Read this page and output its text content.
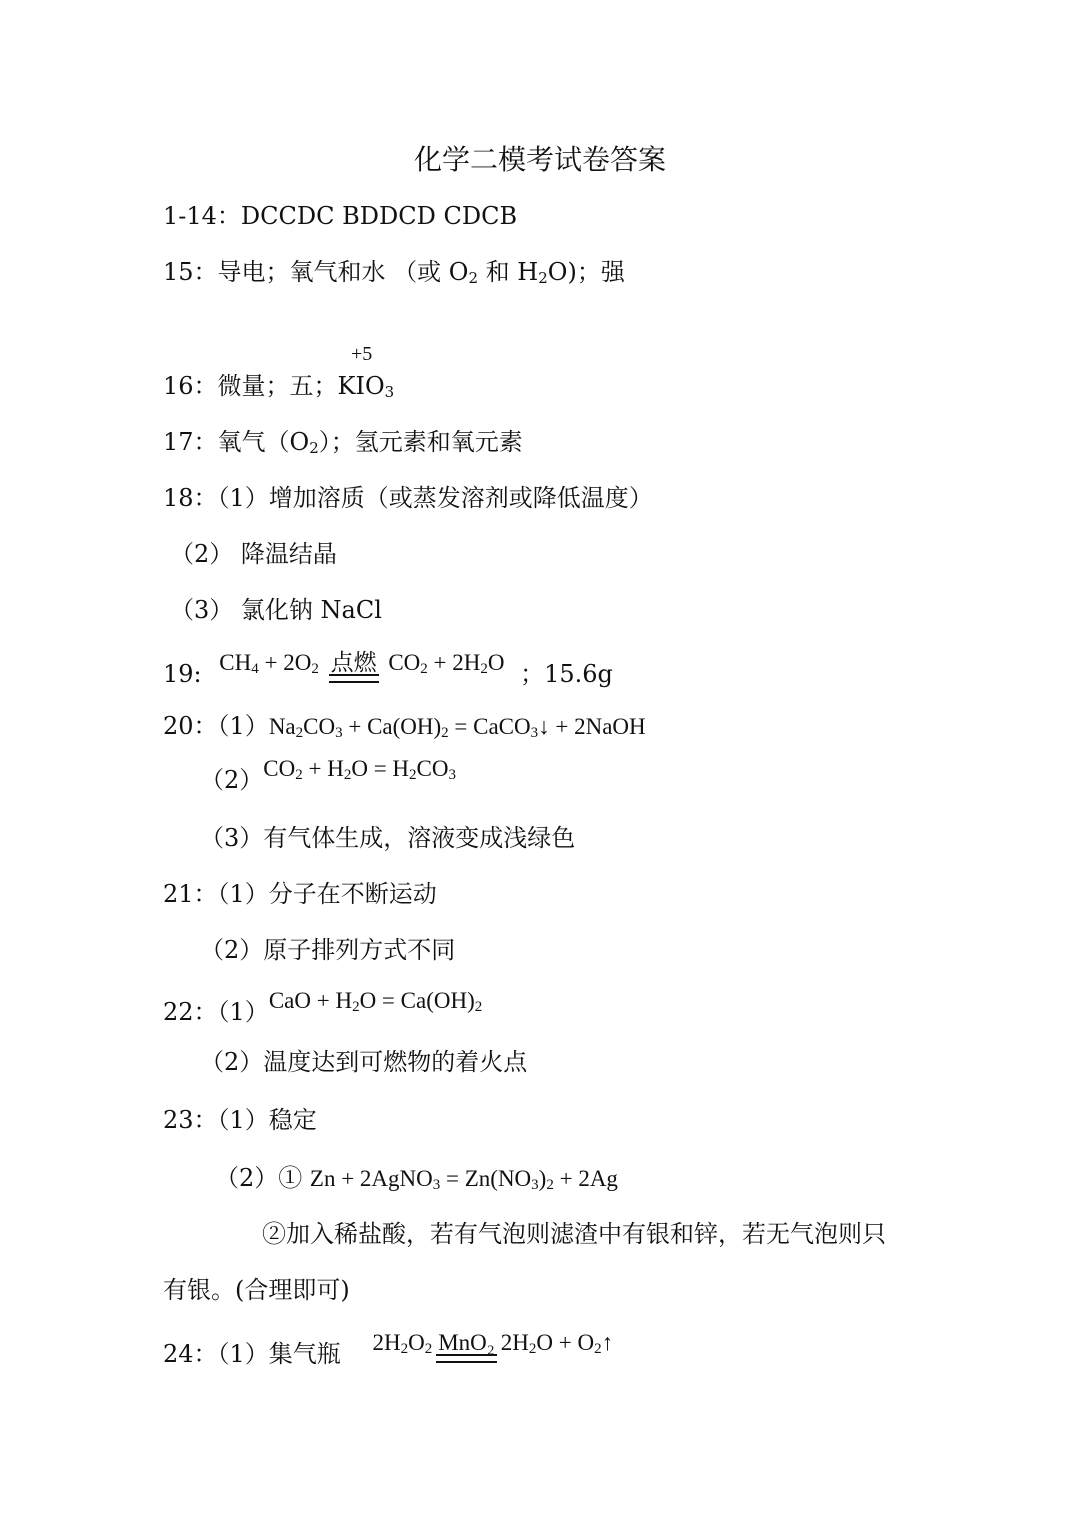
化学二模考试卷答案
1-14：DCCDC BDDCD CDCB
15：导电；氧气和水 （或 $O_2$ 和 $H_2O$)；强
+5
16：微量；五；$KIO_3$
17：氧气$(O_2)$；氢元素和氧元素
18：（1）增加溶质（或蒸发溶剂或降低温度）
（2） 降温结晶
（3） 氯化钠 NaCl
19: $CH_4 + 2O_2$ 点燃 $CO_2 + 2H_2O$ ；15.6g
20：$(1)Na_2CO_3 + Ca(OH)_2$ = CaCO$_3$↓ + 2NaOH
$(2)CO_2 + H_2O = H_2CO_3$
（3）有气体生成，溶液变成浅绿色
21：（1）分子在不断运动
（2）原子排列方式不同
22：$(1)CaO + H_2O = Ca(OH)_2$
（2）温度达到可燃物的着火点
23：（1）稳定
（2）① Zn + 2AgNO$_3$ = $Zn(NO_3)_2 + 2Ag$
②加入稀盐酸，若有气泡则滤渣中有银和锌，若无气泡则只
有银。(合理即可)
24：（1）集气瓶 $2H_2O_2$ MnO₂ $2H_2O$ + $O_2↑$
